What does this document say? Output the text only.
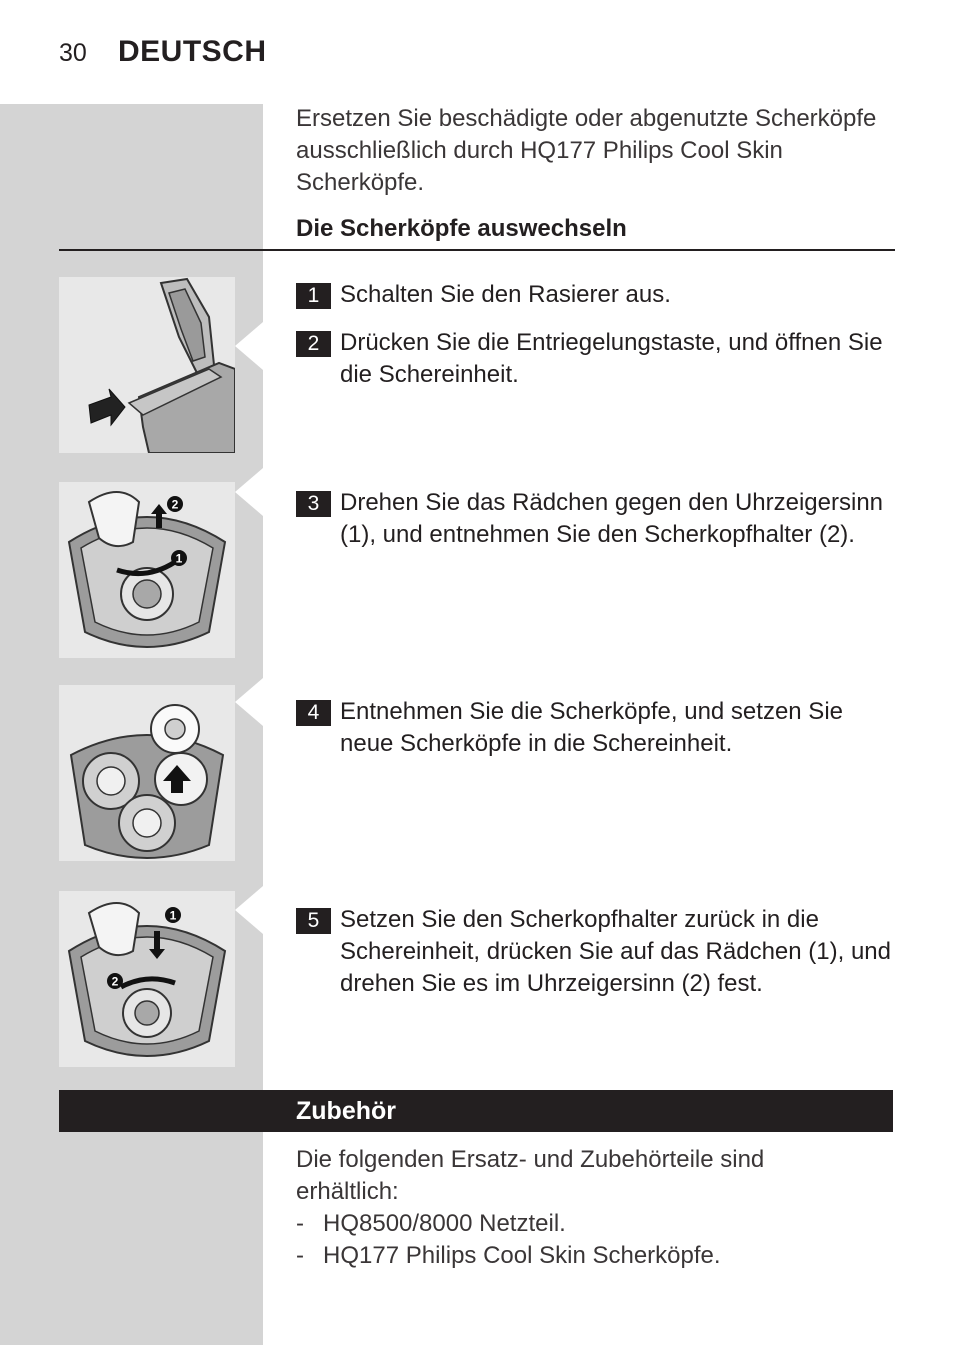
30 DEUTSCH
Ersetzen Sie beschädigte oder abgenutzte Scherköpfe ausschließlich durch HQ177 Philips Cool Skin Scherköpfe.
Die Scherköpfe auswechseln
2
1
1
2
1 Schalten Sie den Rasierer aus.
2 Drücken Sie die Entriegelungstaste, und öffnen Sie die Schereinheit.
3 Drehen Sie das Rädchen gegen den Uhrzeigersinn (1), und entnehmen Sie den Scherkopfhalter (2).
4 Entnehmen Sie die Scherköpfe, und setzen Sie neue Scherköpfe in die Schereinheit.
5 Setzen Sie den Scherkopfhalter zurück in die Schereinheit, drücken Sie auf das Rädchen (1), und drehen Sie es im Uhrzeigersinn (2) fest.
Zubehör
Die folgenden Ersatz- und Zubehörteile sind erhältlich:
- HQ8500/8000 Netzteil.
- HQ177 Philips Cool Skin Scherköpfe.
